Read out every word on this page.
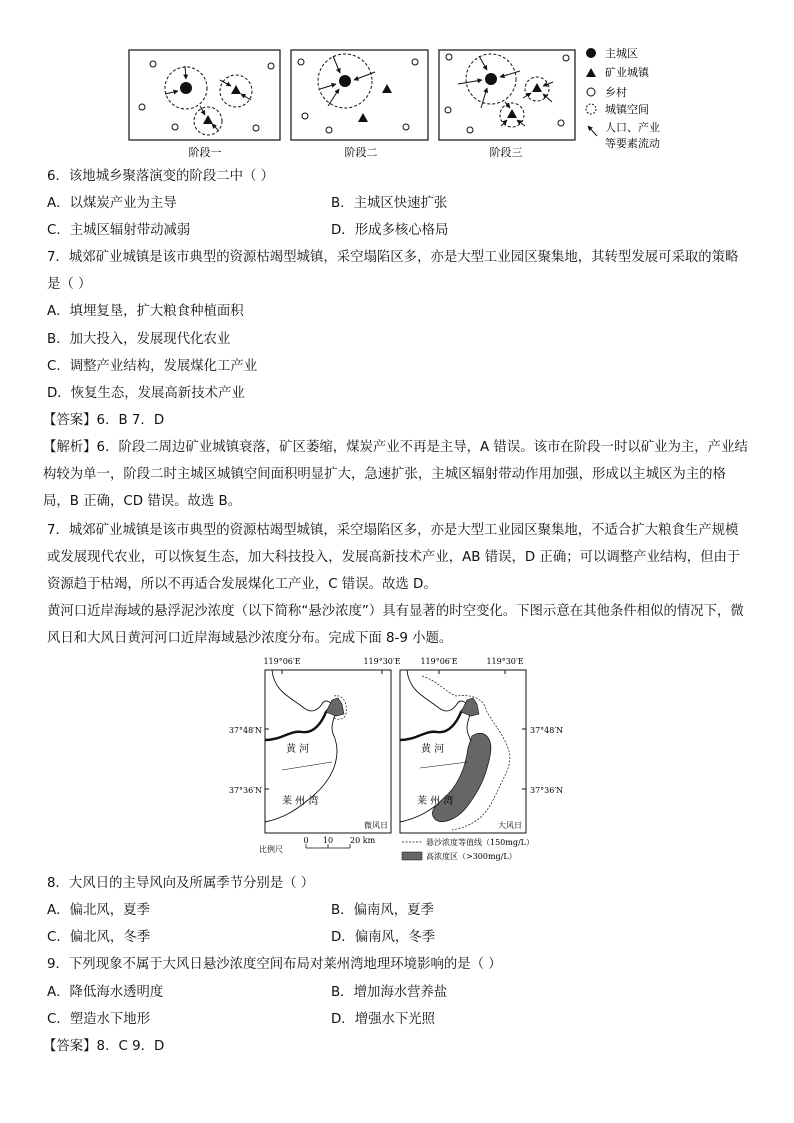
阶段一	阶段二	阶段三
主城区
矿业城镇
乡村
城镇空间
人口、产业
等要素流动
6．该地城乡聚落演变的阶段二中（ ）
A．以煤炭产业为主导	B．主城区快速扩张
C．主城区辐射带动减弱	D．形成多核心格局
7．城郊矿业城镇是该市典型的资源枯竭型城镇，采空塌陷区多，亦是大型工业园区聚集地，其转型发展可采取的策略是（ ）
A．填埋复垦，扩大粮食种植面积
B．加大投入，发展现代化农业
C．调整产业结构，发展煤化工产业
D．恢复生态，发展高新技术产业
【答案】6．B 7．D
【解析】6．阶段二周边矿业城镇衰落，矿区萎缩，煤炭产业不再是主导，A 错误。该市在阶段一时以矿业为主，产业结构较为单一，阶段二时主城区城镇空间面积明显扩大，急速扩张，主城区辐射带动作用加强，形成以主城区为主的格局，B 正确，CD 错误。故选 B。
7．城郊矿业城镇是该市典型的资源枯竭型城镇，采空塌陷区多，亦是大型工业园区聚集地，不适合扩大粮食生产规模或发展现代农业，可以恢复生态，加大科技投入，发展高新技术产业，AB 错误，D 正确；可以调整产业结构，但由于资源趋于枯竭，所以不再适合发展煤化工产业，C 错误。故选 D。
黄河口近岸海域的悬浮泥沙浓度（以下简称“悬沙浓度”）具有显著的时空变化。下图示意在其他条件相似的情况下，微风日和大风日黄河河口近岸海域悬沙浓度分布。完成下面 8-9 小题。
119°06′E	119°30′E 119°06′E	119°30′E
37°48′N
37°36′N
37°48′N
37°36′N
黄 河
莱 州 湾
微风日
黄 河
莱 州 湾
大风日
比例尺
0 10 20 km	悬沙浓度等值线（150mg/L）
高浓度区（>300mg/L）
8．大风日的主导风向及所属季节分别是（ ）
A．偏北风，夏季	B．偏南风，夏季
C．偏北风，冬季	D．偏南风，冬季
9．下列现象不属于大风日悬沙浓度空间布局对莱州湾地理环境影响的是（ ）
A．降低海水透明度	B．增加海水营养盐
C．塑造水下地形	D．增强水下光照
【答案】8．C 9．D
